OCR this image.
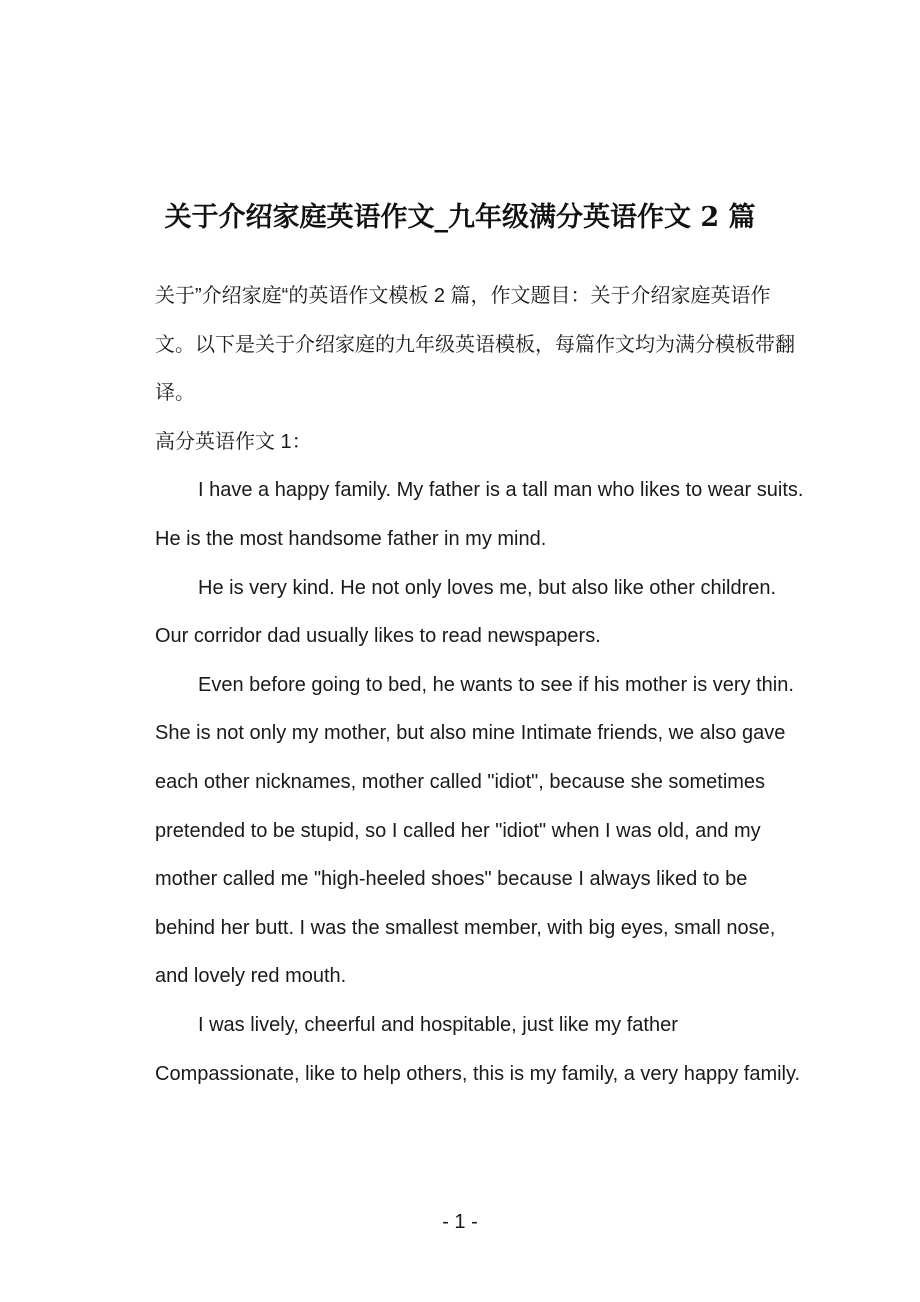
关于介绍家庭英语作文_九年级满分英语作文 2 篇

关于”介绍家庭“的英语作文模板 2 篇，作文题目：关于介绍家庭英语作文。以下是关于介绍家庭的九年级英语模板，每篇作文均为满分模板带翻译。

高分英语作文 1：

I have a happy family. My father is a tall man who likes to wear suits. He is the most handsome father in my mind.

He is very kind. He not only loves me, but also like other children. Our corridor dad usually likes to read newspapers.

Even before going to bed, he wants to see if his mother is very thin. She is not only my mother, but also mine Intimate friends, we also gave each other nicknames, mother called "idiot", because she sometimes pretended to be stupid, so I called her "idiot" when I was old, and my mother called me "high-heeled shoes" because I always liked to be behind her butt. I was the smallest member, with big eyes, small nose, and lovely red mouth.

I was lively, cheerful and hospitable, just like my father Compassionate, like to help others, this is my family, a very happy family.

- 1 -
